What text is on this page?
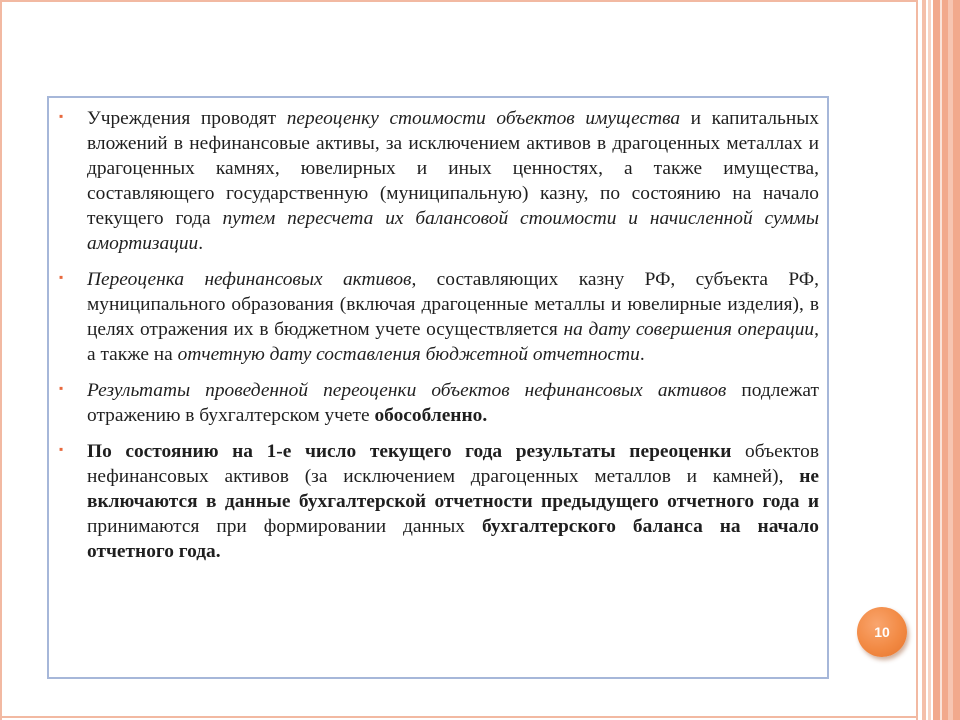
▪ Учреждения проводят переоценку стоимости объектов имущества и капитальных вложений в нефинансовые активы, за исключением активов в драгоценных металлах и драгоценных камнях, ювелирных и иных ценностях, а также имущества, составляющего государственную (муниципальную) казну, по состоянию на начало текущего года путем пересчета их балансовой стоимости и начисленной суммы амортизации.
▪ Переоценка нефинансовых активов, составляющих казну РФ, субъекта РФ, муниципального образования (включая драгоценные металлы и ювелирные изделия), в целях отражения их в бюджетном учете осуществляется на дату совершения операции, а также на отчетную дату составления бюджетной отчетности.
▪ Результаты проведенной переоценки объектов нефинансовых активов подлежат отражению в бухгалтерском учете обособленно.
▪ По состоянию на 1-е число текущего года результаты переоценки объектов нефинансовых активов (за исключением драгоценных металлов и камней), не включаются в данные бухгалтерской отчетности предыдущего отчетного года и принимаются при формировании данных бухгалтерского баланса на начало отчетного года.
10
